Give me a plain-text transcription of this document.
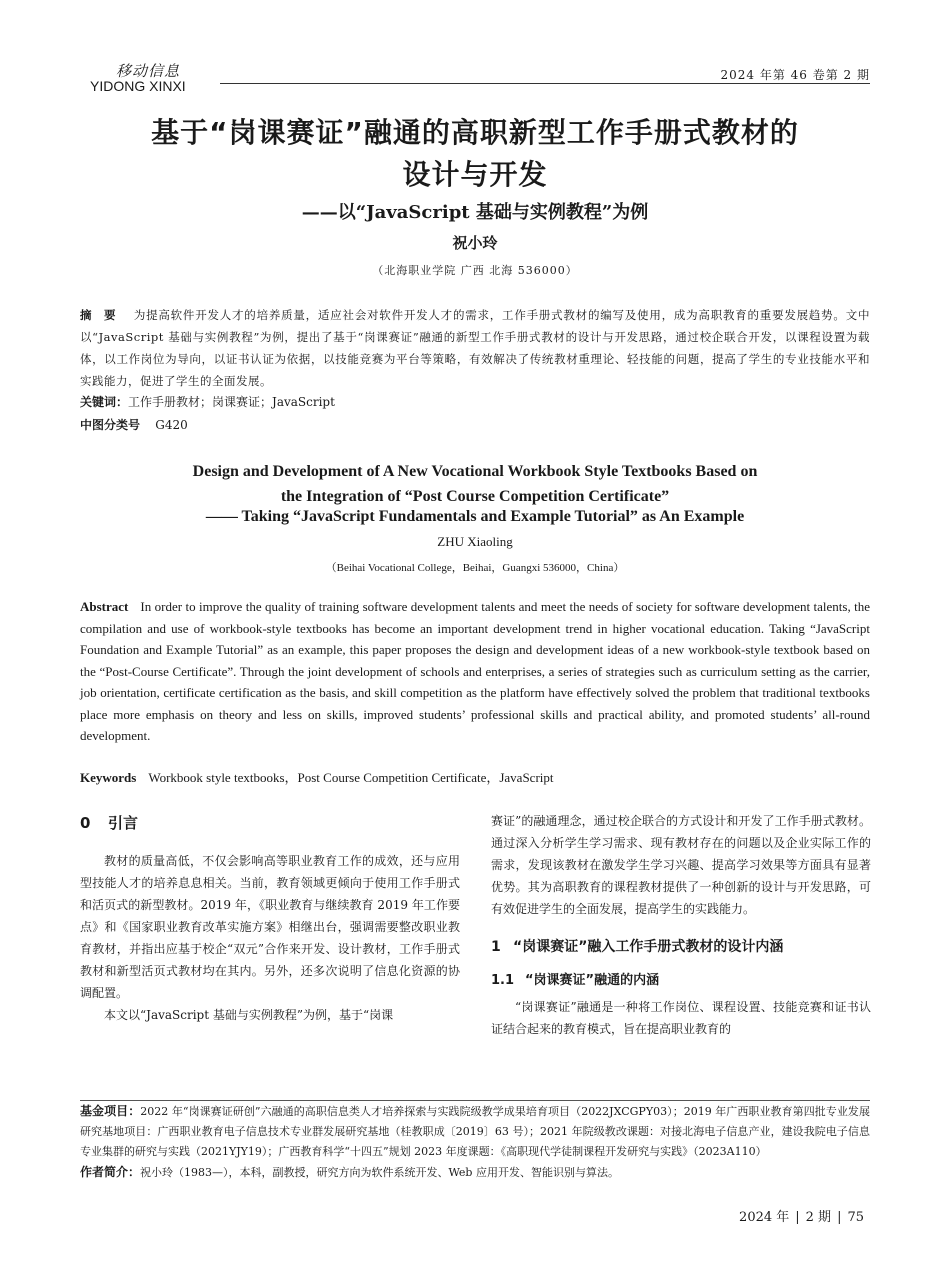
移动信息
YIDONG XINXI
2024 年第 46 卷第 2 期
基于“岗课赛证”融通的高职新型工作手册式教材的
设计与开发
——以“JavaScript 基础与实例教程”为例
祝小玲
（北海职业学院 广西 北海 536000）
摘 要 为提高软件开发人才的培养质量，适应社会对软件开发人才的需求，工作手册式教材的编写及使用，成为高职教育的重要发展趋势。文中以“JavaScript 基础与实例教程”为例，提出了基于“岗课赛证”融通的新型工作手册式教材的设计与开发思路，通过校企联合开发，以课程设置为载体，以工作岗位为导向，以证书认证为依据，以技能竞赛为平台等策略，有效解决了传统教材重理论、轻技能的问题，提高了学生的专业技能水平和实践能力，促进了学生的全面发展。
关键词：工作手册教材；岗课赛证；JavaScript
中图分类号 G420
Design and Development of A New Vocational Workbook Style Textbooks Based on
the Integration of “Post Course Competition Certificate”
—— Taking “JavaScript Fundamentals and Example Tutorial” as An Example
ZHU Xiaoling
（Beihai Vocational College，Beihai，Guangxi 536000，China）
Abstract In order to improve the quality of training software development talents and meet the needs of society for software development talents, the compilation and use of workbook-style textbooks has become an important development trend in higher vocational education. Taking “JavaScript Foundation and Example Tutorial” as an example, this paper proposes the design and development ideas of a new workbook-style textbook based on the “Post-Course Certificate”. Through the joint development of schools and enterprises, a series of strategies such as curriculum setting as the carrier, job orientation, certificate certification as the basis, and skill competition as the platform have effectively solved the problem that traditional textbooks place more emphasis on theory and less on skills, improved students’ professional skills and practical ability, and promoted students’ all-round development.
Keywords Workbook style textbooks，Post Course Competition Certificate，JavaScript
0 引言

教材的质量高低，不仅会影响高等职业教育工作的成效，还与应用型技能人才的培养息息相关。当前，教育领域更倾向于使用工作手册式和活页式的新型教材。2019 年，《职业教育与继续教育 2019 年工作要点》和《国家职业教育改革实施方案》相继出台，强调需要整改职业教育教材，并指出应基于校企“双元”合作来开发、设计教材，工作手册式教材和新型活页式教材均在其内。另外，还多次说明了信息化资源的协调配置。

本文以“JavaScript 基础与实例教程”为例，基于“岗课

赛证”的融通理念，通过校企联合的方式设计和开发了工作手册式教材。通过深入分析学生学习需求、现有教材存在的问题以及企业实际工作的需求，发现该教材在激发学生学习兴趣、提高学习效果等方面具有显著优势。其为高职教育的课程教材提供了一种创新的设计与开发思路，可有效促进学生的全面发展，提高学生的实践能力。

1 “岗课赛证”融入工作手册式教材的设计内涵
1.1 “岗课赛证”融通的内涵

“岗课赛证”融通是一种将工作岗位、课程设置、技能竞赛和证书认证结合起来的教育模式，旨在提高职业教育的

基金项目：2022 年“岗课赛证研创”六融通的高职信息类人才培养探索与实践院级教学成果培育项目（2022JXCGPY03）；2019 年广西职业教育第四批专业发展研究基地项目：广西职业教育电子信息技术专业群发展研究基地（桂教职成〔2019〕63 号）；2021 年院级教改课题：对接北海电子信息产业，建设我院电子信息专业集群的研究与实践（2021YJY19）；广西教育科学“十四五”规划 2023 年度课题：《高职现代学徒制课程开发研究与实践》（2023A110）

作者简介：祝小玲（1983—），本科，副教授，研究方向为软件系统开发、Web 应用开发、智能识别与算法。

2024 年 | 2 期 | 75
